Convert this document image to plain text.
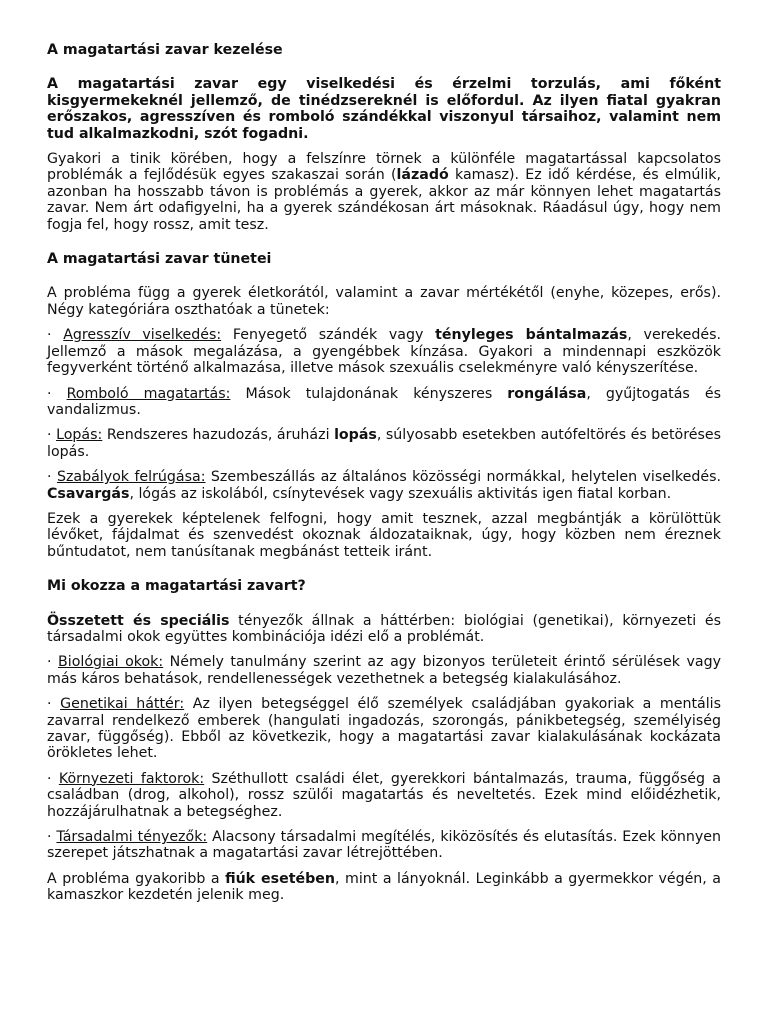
A magatartási zavar kezelése

A magatartási zavar egy viselkedési és érzelmi torzulás, ami főként kisgyermekeknél jellemző, de tinédzsereknél is előfordul. Az ilyen fiatal gyakran erőszakos, agresszíven és romboló szándékkal viszonyul társaihoz, valamint nem tud alkalmazkodni, szót fogadni.

Gyakori a tinik körében, hogy a felszínre törnek a különféle magatartással kapcsolatos problémák a fejlődésük egyes szakaszai során (lázadó kamasz). Ez idő kérdése, és elmúlik, azonban ha hosszabb távon is problémás a gyerek, akkor az már könnyen lehet magatartás zavar. Nem árt odafigyelni, ha a gyerek szándékosan árt másoknak. Ráadásul úgy, hogy nem fogja fel, hogy rossz, amit tesz.

A magatartási zavar tünetei

A probléma függ a gyerek életkorától, valamint a zavar mértékétől (enyhe, közepes, erős). Négy kategóriára oszthatóak a tünetek:

· Agresszív viselkedés: Fenyegető szándék vagy tényleges bántalmazás, verekedés. Jellemző a mások megalázása, a gyengébbek kínzása. Gyakori a mindennapi eszközök fegyverként történő alkalmazása, illetve mások szexuális cselekményre való kényszerítése.

· Romboló magatartás: Mások tulajdonának kényszeres rongálása, gyűjtogatás és vandalizmus.

· Lopás: Rendszeres hazudozás, áruházi lopás, súlyosabb esetekben autófeltörés és betöréses lopás.

· Szabályok felrúgása: Szembeszállás az általános közösségi normákkal, helytelen viselkedés. Csavargás, lógás az iskolából, csínytevések vagy szexuális aktivitás igen fiatal korban.

Ezek a gyerekek képtelenek felfogni, hogy amit tesznek, azzal megbántják a körülöttük lévőket, fájdalmat és szenvedést okoznak áldozataiknak, úgy, hogy közben nem éreznek bűntudatot, nem tanúsítanak megbánást tetteik iránt.

Mi okozza a magatartási zavart?

Összetett és speciális tényezők állnak a háttérben: biológiai (genetikai), környezeti és társadalmi okok együttes kombinációja idézi elő a problémát.

· Biológiai okok: Némely tanulmány szerint az agy bizonyos területeit érintő sérülések vagy más káros behatások, rendellenességek vezethetnek a betegség kialakulásához.

· Genetikai háttér: Az ilyen betegséggel élő személyek családjában gyakoriak a mentális zavarral rendelkező emberek (hangulati ingadozás, szorongás, pánikbetegség, személyiség zavar, függőség). Ebből az következik, hogy a magatartási zavar kialakulásának kockázata örökletes lehet.

· Környezeti faktorok: Széthullott családi élet, gyerekkori bántalmazás, trauma, függőség a családban (drog, alkohol), rossz szülői magatartás és neveltetés. Ezek mind előidézhetik, hozzájárulhatnak a betegséghez.

· Társadalmi tényezők: Alacsony társadalmi megítélés, kiközösítés és elutasítás. Ezek könnyen szerepet játszhatnak a magatartási zavar létrejöttében.

A probléma gyakoribb a fiúk esetében, mint a lányoknál. Leginkább a gyermekkor végén, a kamaszkor kezdetén jelenik meg.
